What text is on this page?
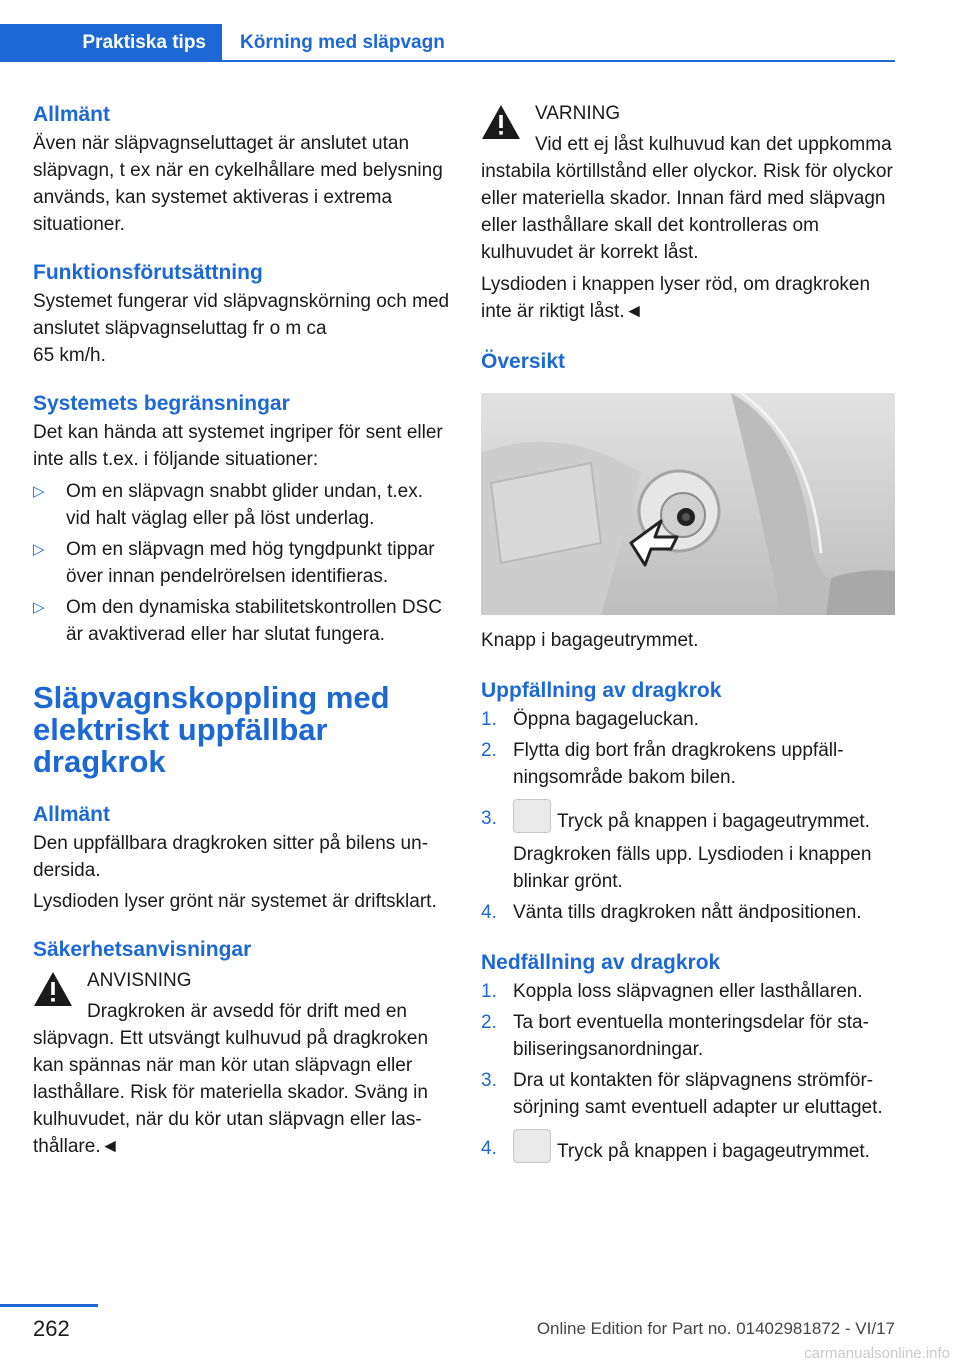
Praktiska tips	Körning med släpvagn
Allmänt

Även när släpvagnseluttaget är anslutet utan släpvagn, t ex när en cykelhållare med belysning används, kan systemet aktiveras i extrema situationer.

Funktionsförutsättning

Systemet fungerar vid släpvagnskörning och med anslutet släpvagnseluttag fr o m ca

65 km/h.

Systemets begränsningar

Det kan hända att systemet ingriper för sent eller inte alls t.ex. i följande situationer:

▷ Om en släpvagn snabbt glider undan, t.ex. vid halt väglag eller på löst underlag.
▷ Om en släpvagn med hög tyngdpunkt tippar över innan pendelrörelsen identifieras.
▷ Om den dynamiska stabilitetskontrollen DSC är avaktiverad eller har slutat fungera.
Släpvagnskoppling med
elektriskt uppfällbar
dragkrok
Allmänt

Den uppfällbara dragkroken sitter på bilens undersida.

Lysdioden lyser grönt när systemet är driftsklart.

Säkerhetsanvisningar

ANVISNING

Dragkroken är avsedd för drift med en släpvagn. Ett utsvängt kulhuvud på dragkroken kan spännas när man kör utan släpvagn eller lasthållare. Risk för materiella skador. Sväng in kulhuvudet, när du kör utan släpvagn eller lasthållare.◄

VARNING

Vid ett ej låst kulhuvud kan det uppkomma instabila körtillstånd eller olyckor. Risk för olyckor eller materiella skador. Innan färd med släpvagn eller lasthållare skall det kontrolleras om kulhuvudet är korrekt låst.

Lysdioden i knappen lyser röd, om dragkroken inte är riktigt låst.◄

Översikt

Knapp i bagageutrymmet.

Uppfällning av dragkrok
1. Öppna bagageluckan.
2. Flytta dig bort från dragkrokens uppfällningsområde bakom bilen.
3.	Tryck på knappen i bagageutrymmet.
Dragkroken fälls upp. Lysdioden i knappen blinkar grönt.
4. Vänta tills dragkroken nått ändpositionen.
Nedfällning av dragkrok
1. Koppla loss släpvagnen eller lasthållaren.
2. Ta bort eventuella monteringsdelar för stabiliseringsanordningar.
3. Dra ut kontakten för släpvagnens strömförsörjning samt eventuell adapter ur eluttaget.
4.	Tryck på knappen i bagageutrymmet.
262	Online Edition for Part no. 01402981872 - VI/17
carmanualsonline.info
